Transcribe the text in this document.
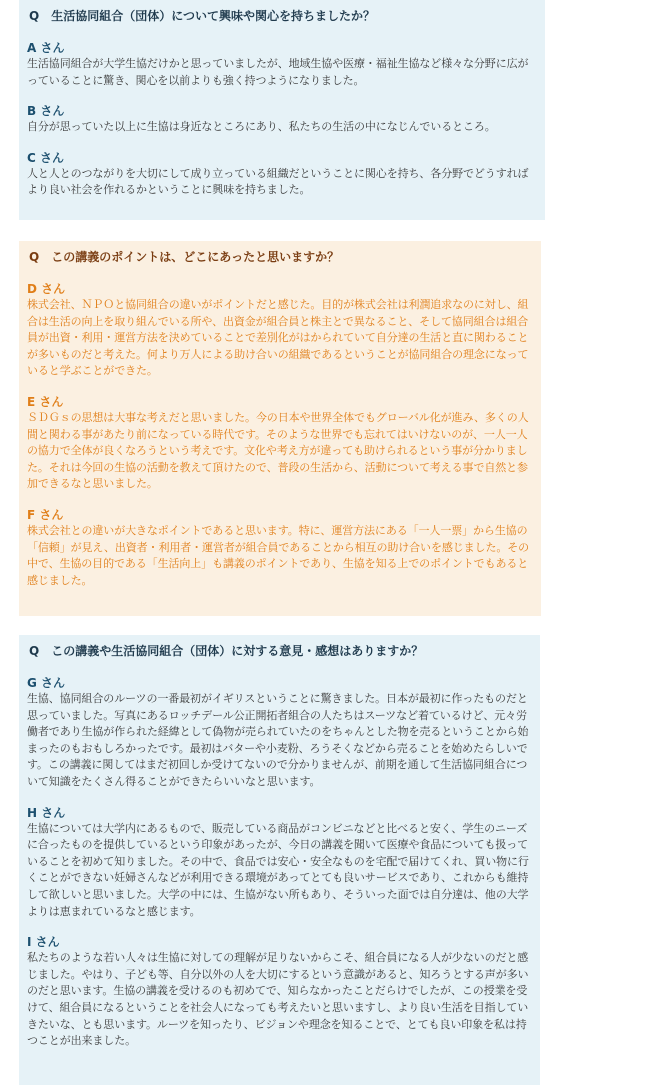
Q　生活協同組合（団体）について興味や関心を持ちましたか？
A さん
生活協同組合が大学生協だけかと思っていましたが、地域生協や医療・福祉生協など様々な分野に広がっていることに驚き、関心を以前よりも強く持つようになりました。
B さん
自分が思っていた以上に生協は身近なところにあり、私たちの生活の中になじんでいるところ。
C さん
人と人とのつながりを大切にして成り立っている組織だということに関心を持ち、各分野でどうすればより良い社会を作れるかということに興味を持ちました。
Q　この講義のポイントは、どこにあったと思いますか？
D さん
株式会社、ＮＰＯと協同組合の違いがポイントだと感じた。目的が株式会社は利潤追求なのに対し、組合は生活の向上を取り組んでいる所や、出資金が組合員と株主とで異なること、そして協同組合は組合員が出資・利用・運営方法を決めていることで差別化がはかられていて自分達の生活と直に関わることが多いものだと考えた。何より万人による助け合いの組織であるということが協同組合の理念になっていると学ぶことができた。
E さん
ＳＤＧｓの思想は大事な考えだと思いました。今の日本や世界全体でもグローバル化が進み、多くの人間と関わる事があたり前になっている時代です。そのような世界でも忘れてはいけないのが、一人一人の協力で全体が良くなろうという考えです。文化や考え方が違っても助けられるという事が分かりました。それは今回の生協の活動を教えて頂けたので、普段の生活から、活動について考える事で自然と参加できるなと思いました。
F さん
株式会社との違いが大きなポイントであると思います。特に、運営方法にある「一人一票」から生協の「信頼」が見え、出資者・利用者・運営者が組合員であることから相互の助け合いを感じました。その中で、生協の目的である「生活向上」も講義のポイントであり、生協を知る上でのポイントでもあると感じました。
Q　この講義や生活協同組合（団体）に対する意見・感想はありますか？
G さん
生協、協同組合のルーツの一番最初がイギリスということに驚きました。日本が最初に作ったものだと思っていました。写真にあるロッチデール公正開拓者組合の人たちはスーツなど着ているけど、元々労働者であり生協が作られた経緯として偽物が売られていたのをちゃんとした物を売るということから始まったのもおもしろかったです。最初はバターや小麦粉、ろうそくなどから売ることを始めたらしいです。この講義に関してはまだ初回しか受けてないので分かりませんが、前期を通して生活協同組合について知識をたくさん得ることができたらいいなと思います。
H さん
生協については大学内にあるもので、販売している商品がコンビニなどと比べると安く、学生のニーズに合ったものを提供しているという印象があったが、今日の講義を聞いて医療や食品についても扱っていることを初めて知りました。その中で、食品では安心・安全なものを宅配で届けてくれ、買い物に行くことができない妊婦さんなどが利用できる環境があってとても良いサービスであり、これからも維持して欲しいと思いました。大学の中には、生協がない所もあり、そういった面では自分達は、他の大学よりは恵まれているなと感じます。
I さん
私たちのような若い人々は生協に対しての理解が足りないからこそ、組合員になる人が少ないのだと感じました。やはり、子ども等、自分以外の人を大切にするという意識があると、知ろうとする声が多いのだと思います。生協の講義を受けるのも初めてで、知らなかったことだらけでしたが、この授業を受けて、組合員になるということを社会人になっても考えたいと思いますし、より良い生活を目指していきたいな、とも思います。ルーツを知ったり、ビジョンや理念を知ることで、とても良い印象を私は持つことが出来ました。
